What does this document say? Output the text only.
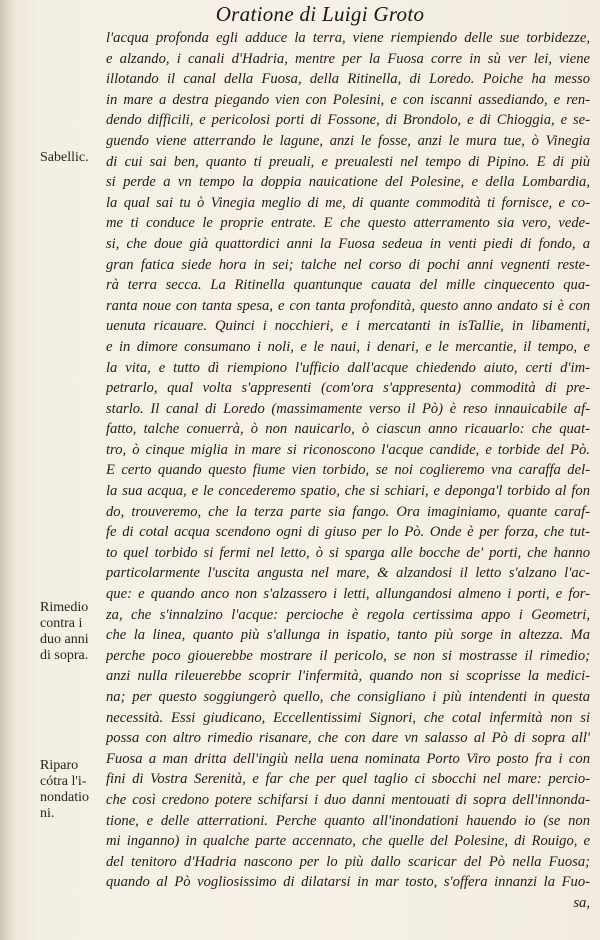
Oratione di Luigi Groto
l'acqua profonda egli adduce la terra, viene riempiendo delle sue torbidezze,
e alzando, i canali d'Hadria, mentre per la Fuosa corre in sù ver lei, viene
illotando il canal della Fuosa, della Ritinella, di Loredo. Poiche ha messo
in mare a destra piegando vien con Polesini, e con iscanni assediando, e ren-
dendo difficili, e pericolosi porti di Fossone, di Brondolo, e di Chioggia, e se-
guendo viene atterrando le lagune, anzi le fosse, anzi le mura tue, ò Vinegia
di cui sai ben, quanto ti preuali, e preualesti nel tempo di Pipino. E di più
si perde a vn tempo la doppia nauicatione del Polesine, e della Lombardia,
la qual sai tu ò Vinegia meglio di me, di quante commodità ti fornisce, e co-
me ti conduce le proprie entrate. E che questo atterramento sia vero, vede-
si, che doue già quattordici anni la Fuosa sedeua in venti piedi di fondo, a
gran fatica siede hora in sei; talche nel corso di pochi anni vegnenti reste-
rà terra secca. La Ritinella quantunque cauata del mille cinquecento qua-
ranta noue con tanta spesa, e con tanta profondità, questo anno andato si è con
uenuta ricauare. Quinci i nocchieri, e i mercatanti in isTallie, in libamenti,
e in dimore consumano i noli, e le naui, i denari, e le mercantie, il tempo, e
la vita, e tutto dì riempiono l'ufficio dall'acque chiedendo aiuto, certi d'im-
petrarlo, qual volta s'appresenti (com'ora s'appresenta) commodità di pre-
starlo. Il canal di Loredo (massimamente verso il Pò) è reso innauicabile af-
fatto, talche conuerrà, ò non nauicarlo, ò ciascun anno ricauarlo: che quat-
tro, ò cinque miglia in mare si riconoscono l'acque candide, e torbide del Pò.
E certo quando questo fiume vien torbido, se noi coglieremo vna caraffa del-
la sua acqua, e le concederemo spatio, che si schiari, e deponga'l torbido al fon
do, trouveremo, che la terza parte sia fango. Ora imaginiamo, quante caraf-
fe di cotal acqua scendono ogni di giuso per lo Pò. Onde è per forza, che tut-
to quel torbido si fermi nel letto, ò si sparga alle bocche de' porti, che hanno
particolarmente l'uscita angusta nel mare, & alzandosi il letto s'alzano l'ac-
que: e quando anco non s'alzassero i letti, allungandosi almeno i porti, e for-
za, che s'innalzino l'acque: percioche è regola certissima appo i Geometri,
che la linea, quanto più s'allunga in ispatio, tanto più sorge in altezza. Ma
perche poco giouerebbe mostrare il pericolo, se non si mostrasse il rimedio;
anzi nulla rileuerebbe scoprir l'infermità, quando non si scoprisse la medici-
na; per questo soggiungerò quello, che consigliano i più intendenti in questa
necessità. Essi giudicano, Eccellentissimi Signori, che cotal infermità non si
possa con altro rimedio risanare, che con dare vn salasso al Pò di sopra all'
Fuosa a man dritta dell'ingiù nella uena nominata Porto Viro posto fra i con
fini di Vostra Serenità, e far che per quel taglio ci sbocchi nel mare: percio-
che così credono potere schifarsi i duo danni mentouati di sopra dell'innonda-
tione, e delle atterrationi. Perche quanto all'inondationi hauendo io (se non
mi inganno) in qualche parte accennato, che quelle del Polesine, di Rouigo, e
del tenitoro d'Hadria nascono per lo più dallo scaricar del Pò nella Fuosa;
quando al Pò vogliosissimo di dilatarsi in mar tosto, s'offera innanzi la Fuo-
sa,
Sabellic.
Rimedio
contra i
duo anni
di sopra.
Riparo
cótra l'i-
nondatio
ni.
